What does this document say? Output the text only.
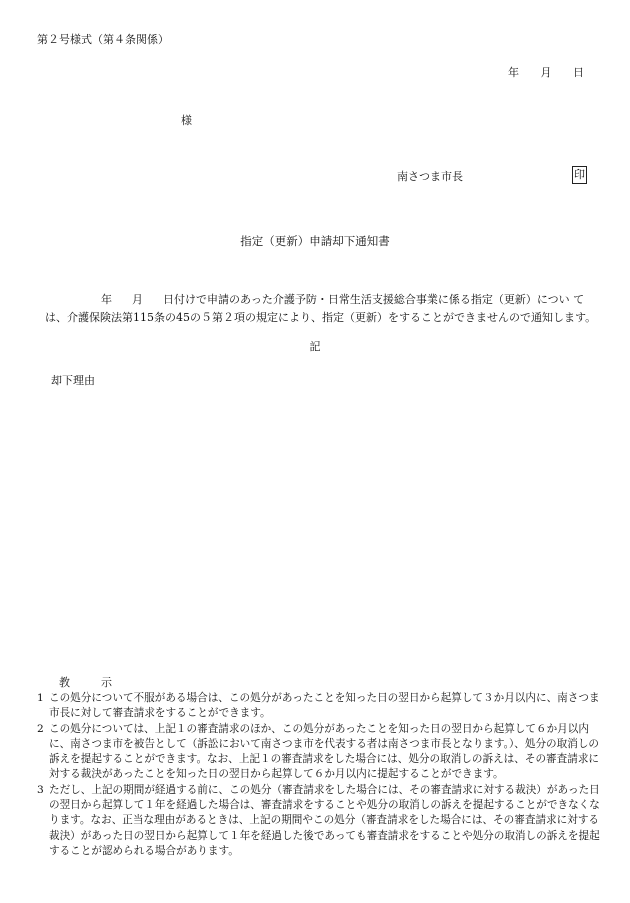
第２号様式（第４条関係）
年 月 日
様
南さつま市長	印
指定（更新）申請却下通知書
年 月 日付けで申請のあった介護予防・日常生活支援総合事業に係る指定（更新）につい て
は、介護保険法第115条の45の５第２項の規定により、指定（更新）をすることができませんので通知します。
記
却下理由
教　示

1 この処分について不服がある場合は、この処分があったことを知った日の翌日から起算して３か月以内に、南さつま市長に対して審査請求をすることができます。

2 この処分については、上記１の審査請求のほか、この処分があったことを知った日の翌日から起算して６か月以内に、南さつま市を被告として（訴訟において南さつま市を代表する者は南さつま市長となります。）、処分の取消しの訴えを提起することができます。なお、上記１の審査請求をした場合には、処分の取消しの訴えは、その審査請求に対する裁決があったことを知った日の翌日から起算して６か月以内に提起することができます。

3 ただし、上記の期間が経過する前に、この処分（審査請求をした場合には、その審査請求に対する裁決）があった日の翌日から起算して１年を経過した場合は、審査請求をすることや処分の取消しの訴えを提起することができなくなります。なお、正当な理由があるときは、上記の期間やこの処分（審査請求をした場合には、その審査請求に対する裁決）があった日の翌日から起算して１年を経過した後であっても審査請求をすることや処分の取消しの訴えを提起することが認められる場合があります。
